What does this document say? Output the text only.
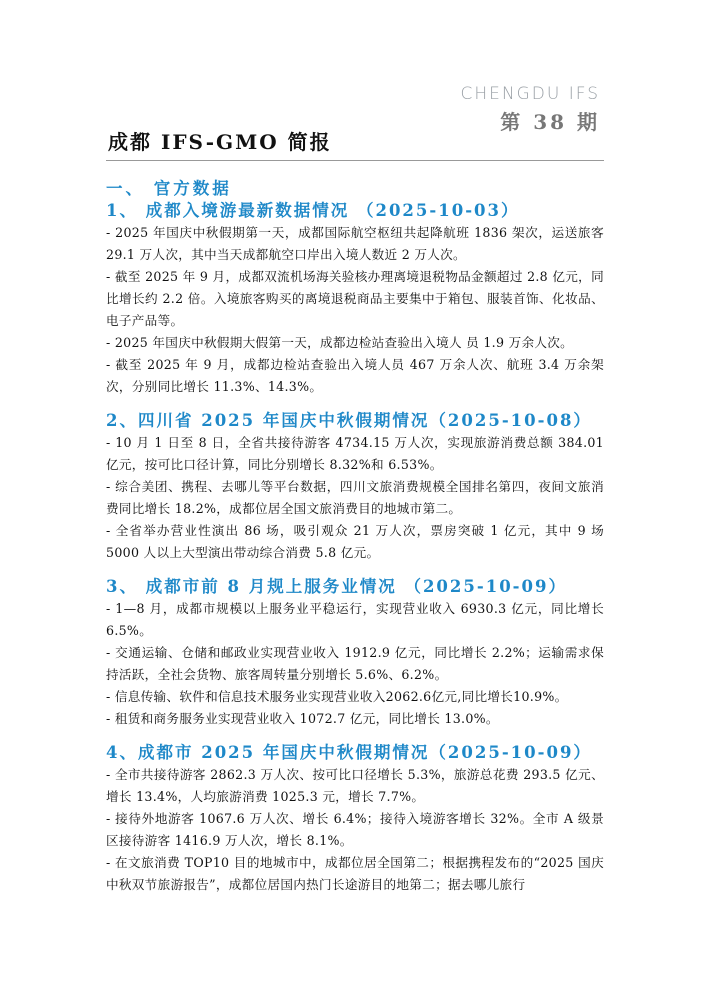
CHENGDU IFS
第 38 期
成都 IFS-GMO 简报
一、 官方数据
1、 成都入境游最新数据情况 （2025-10-03）

- 2025 年国庆中秋假期第一天，成都国际航空枢纽共起降航班 1836 架次，运送旅客 29.1 万人次，其中当天成都航空口岸出入境人数近 2 万人次。

- 截至 2025 年 9 月，成都双流机场海关验核办理离境退税物品金额超过 2.8 亿元，同比增长约 2.2 倍。入境旅客购买的离境退税商品主要集中于箱包、服装首饰、化妆品、电子产品等。

- 2025 年国庆中秋假期大假第一天，成都边检站查验出入境人 员 1.9 万余人次。

- 截至 2025 年 9 月，成都边检站查验出入境人员 467 万余人次、航班 3.4 万余架次，分别同比增长 11.3%、14.3%。

2、四川省 2025 年国庆中秋假期情况（2025-10-08）

- 10 月 1 日至 8 日，全省共接待游客 4734.15 万人次，实现旅游消费总额 384.01 亿元，按可比口径计算，同比分别增长 8.32%和 6.53%。

- 综合美团、携程、去哪儿等平台数据，四川文旅消费规模全国排名第四，夜间文旅消费同比增长 18.2%，成都位居全国文旅消费目的地城市第二。

- 全省举办营业性演出 86 场，吸引观众 21 万人次，票房突破 1 亿元，其中 9 场 5000 人以上大型演出带动综合消费 5.8 亿元。

3、 成都市前 8 月规上服务业情况 （2025-10-09）

- 1—8 月，成都市规模以上服务业平稳运行，实现营业收入 6930.3 亿元，同比增长 6.5%。

- 交通运输、仓储和邮政业实现营业收入 1912.9 亿元，同比增长 2.2%；运输需求保持活跃，全社会货物、旅客周转量分别增长 5.6%、6.2%。

- 信息传输、软件和信息技术服务业实现营业收入2062.6亿元,同比增长10.9%。

- 租赁和商务服务业实现营业收入 1072.7 亿元，同比增长 13.0%。

4、成都市 2025 年国庆中秋假期情况（2025-10-09）

- 全市共接待游客 2862.3 万人次、按可比口径增长 5.3%，旅游总花费 293.5 亿元、增长 13.4%，人均旅游消费 1025.3 元，增长 7.7%。

- 接待外地游客 1067.6 万人次、增长 6.4%；接待入境游客增长 32%。全市 A 级景区接待游客 1416.9 万人次，增长 8.1%。

- 在文旅消费 TOP10 目的地城市中，成都位居全国第二；根据携程发布的“2025 国庆中秋双节旅游报告”，成都位居国内热门长途游目的地第二；据去哪儿旅行
